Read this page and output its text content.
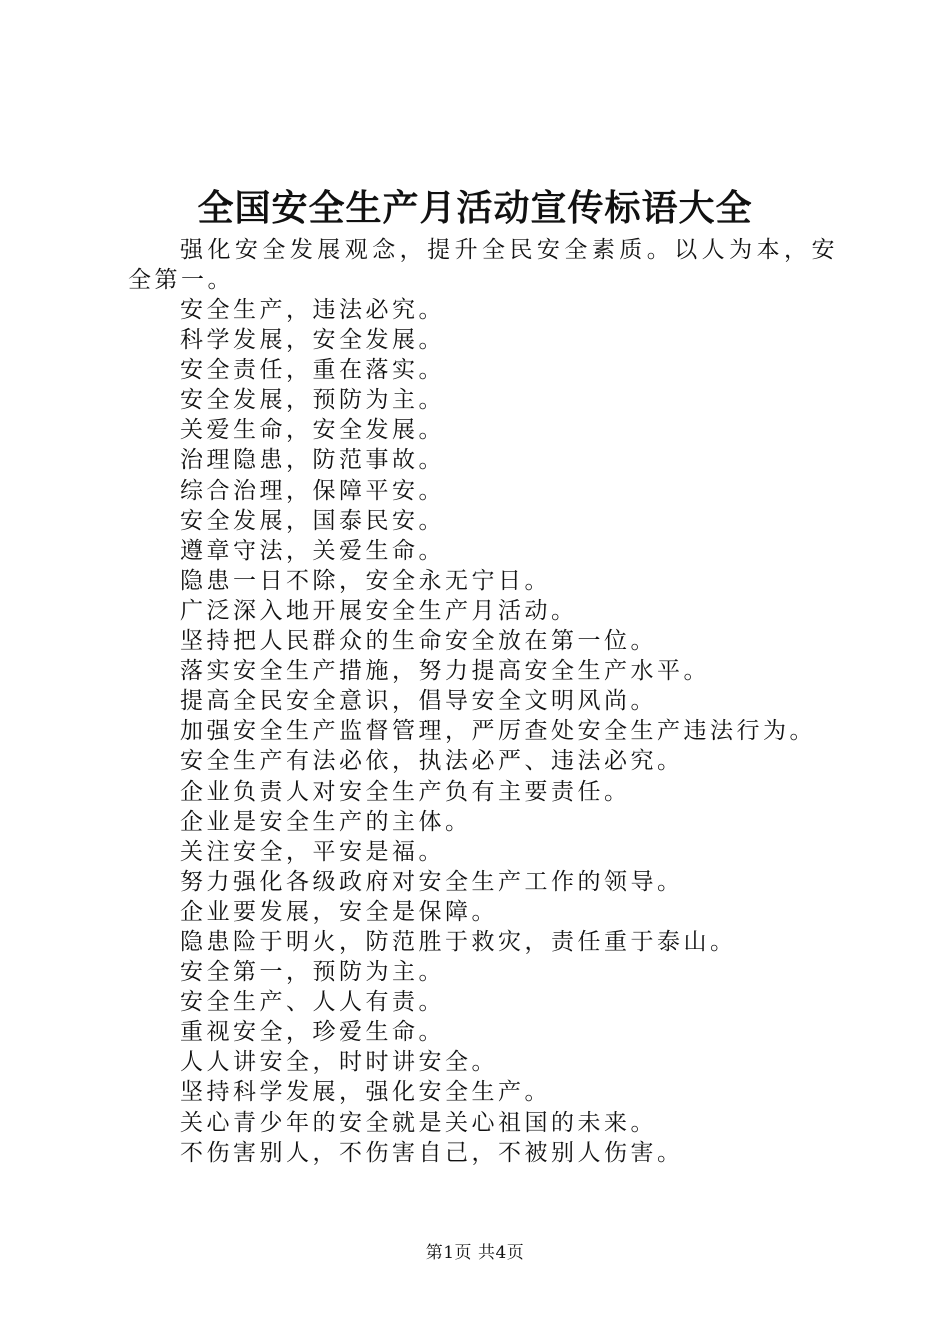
全国安全生产月活动宣传标语大全

强化安全发展观念，提升全民安全素质。以人为本，安全第一。

安全生产，违法必究。

科学发展，安全发展。

安全责任，重在落实。

安全发展，预防为主。

关爱生命，安全发展。

治理隐患，防范事故。

综合治理，保障平安。

安全发展，国泰民安。

遵章守法，关爱生命。

隐患一日不除，安全永无宁日。

广泛深入地开展安全生产月活动。

坚持把人民群众的生命安全放在第一位。

落实安全生产措施，努力提高安全生产水平。

提高全民安全意识，倡导安全文明风尚。

加强安全生产监督管理，严厉查处安全生产违法行为。

安全生产有法必依，执法必严、违法必究。

企业负责人对安全生产负有主要责任。

企业是安全生产的主体。

关注安全，平安是福。

努力强化各级政府对安全生产工作的领导。

企业要发展，安全是保障。

隐患险于明火，防范胜于救灾，责任重于泰山。

安全第一，预防为主。

安全生产、人人有责。

重视安全，珍爱生命。

人人讲安全，时时讲安全。

坚持科学发展，强化安全生产。

关心青少年的安全就是关心祖国的未来。

不伤害别人，不伤害自己，不被别人伤害。

第1页 共4页
